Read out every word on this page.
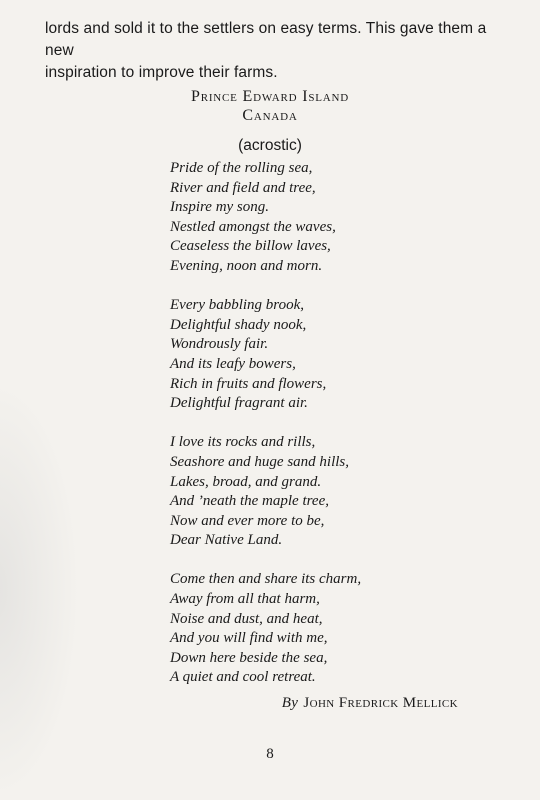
lords and sold it to the settlers on easy terms. This gave them a new

inspiration to improve their farms.

Prince Edward Island
Canada
(acrostic)
Pride of the rolling sea,
River and field and tree,
Inspire my song.
Nestled amongst the waves,
Ceaseless the billow laves,
Evening, noon and morn.
Every babbling brook,
Delightful shady nook,
Wondrously fair.
And its leafy bowers,
Rich in fruits and flowers,
Delightful fragrant air.
I love its rocks and rills,
Seashore and huge sand hills,
Lakes, broad, and grand.
And ’neath the maple tree,
Now and ever more to be,
Dear Native Land.
Come then and share its charm,
Away from all that harm,
Noise and dust, and heat,
And you will find with me,
Down here beside the sea,
A quiet and cool retreat.
By John Fredrick Mellick
8
